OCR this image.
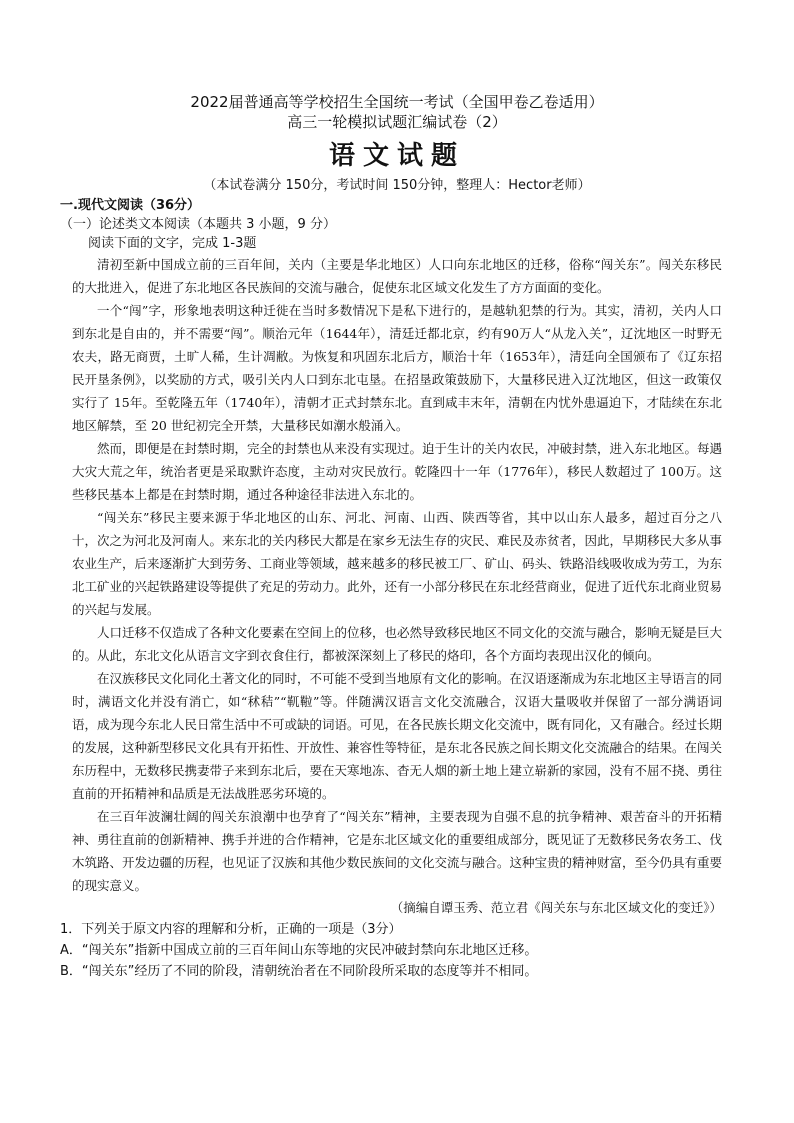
2022届普通高等学校招生全国统一考试（全国甲卷乙卷适用）
高三一轮模拟试题汇编试卷（2）
语文试题
（本试卷满分 150分，考试时间 150分钟，整理人：Hector老师）
一.现代文阅读（36分）
（一）论述类文本阅读（本题共 3 小题，9 分）
阅读下面的文字，完成 1-3题

清初至新中国成立前的三百年间，关内（主要是华北地区）人口向东北地区的迁移，俗称“闯关东”。闯关东移民的大批进入，促进了东北地区各民族间的交流与融合，促使东北区域文化发生了方方面面的变化。

一个“闯”字，形象地表明这种迁徙在当时多数情况下是私下进行的，是越轨犯禁的行为。其实，清初，关内人口到东北是自由的，并不需要“闯”。顺治元年（1644年），清廷迁都北京，约有90万人“从龙入关”，辽沈地区一时野无农夫，路无商贾，土旷人稀，生计凋敝。为恢复和巩固东北后方，顺治十年（1653年），清廷向全国颁布了《辽东招民开垦条例》，以奖励的方式，吸引关内人口到东北屯垦。在招垦政策鼓励下，大量移民进入辽沈地区，但这一政策仅实行了 15年。至乾隆五年（1740年），清朝才正式封禁东北。直到咸丰末年，清朝在内忧外患逼迫下，才陆续在东北地区解禁，至 20 世纪初完全开禁，大量移民如潮水般涌入。

然而，即便是在封禁时期，完全的封禁也从来没有实现过。迫于生计的关内农民，冲破封禁，进入东北地区。每遇大灾大荒之年，统治者更是采取默许态度，主动对灾民放行。乾隆四十一年（1776年），移民人数超过了 100万。这些移民基本上都是在封禁时期，通过各种途径非法进入东北的。

“闯关东”移民主要来源于华北地区的山东、河北、河南、山西、陕西等省，其中以山东人最多，超过百分之八十，次之为河北及河南人。来东北的关内移民大都是在家乡无法生存的灾民、难民及赤贫者，因此，早期移民大多从事农业生产，后来逐渐扩大到劳务、工商业等领域，越来越多的移民被工厂、矿山、码头、铁路沿线吸收成为劳工，为东北工矿业的兴起铁路建设等提供了充足的劳动力。此外，还有一小部分移民在东北经营商业，促进了近代东北商业贸易的兴起与发展。

人口迁移不仅造成了各种文化要素在空间上的位移，也必然导致移民地区不同文化的交流与融合，影响无疑是巨大的。从此，东北文化从语言文字到衣食住行，都被深深刻上了移民的烙印，各个方面均表现出汉化的倾向。

在汉族移民文化同化土著文化的同时，不可能不受到当地原有文化的影响。在汉语逐渐成为东北地区主导语言的同时，满语文化并没有消亡，如“秫秸”“靰鞡”等。伴随满汉语言文化交流融合，汉语大量吸收并保留了一部分满语词语，成为现今东北人民日常生活中不可或缺的词语。可见，在各民族长期文化交流中，既有同化，又有融合。经过长期的发展，这种新型移民文化具有开拓性、开放性、兼容性等特征，是东北各民族之间长期文化交流融合的结果。在闯关东历程中，无数移民携妻带子来到东北后，要在天寒地冻、杳无人烟的新土地上建立崭新的家园，没有不屈不挠、勇往直前的开拓精神和品质是无法战胜恶劣环境的。

在三百年波澜壮阔的闯关东浪潮中也孕育了“闯关东”精神，主要表现为自强不息的抗争精神、艰苦奋斗的开拓精神、勇往直前的创新精神、携手并进的合作精神，它是东北区域文化的重要组成部分，既见证了无数移民务农务工、伐木筑路、开发边疆的历程，也见证了汉族和其他少数民族间的文化交流与融合。这种宝贵的精神财富，至今仍具有重要的现实意义。

（摘编自谭玉秀、范立君《闯关东与东北区域文化的变迁》）
1．下列关于原文内容的理解和分析，正确的一项是（3分）
A．“闯关东”指新中国成立前的三百年间山东等地的灾民冲破封禁向东北地区迁移。
B．“闯关东”经历了不同的阶段，清朝统治者在不同阶段所采取的态度等并不相同。
